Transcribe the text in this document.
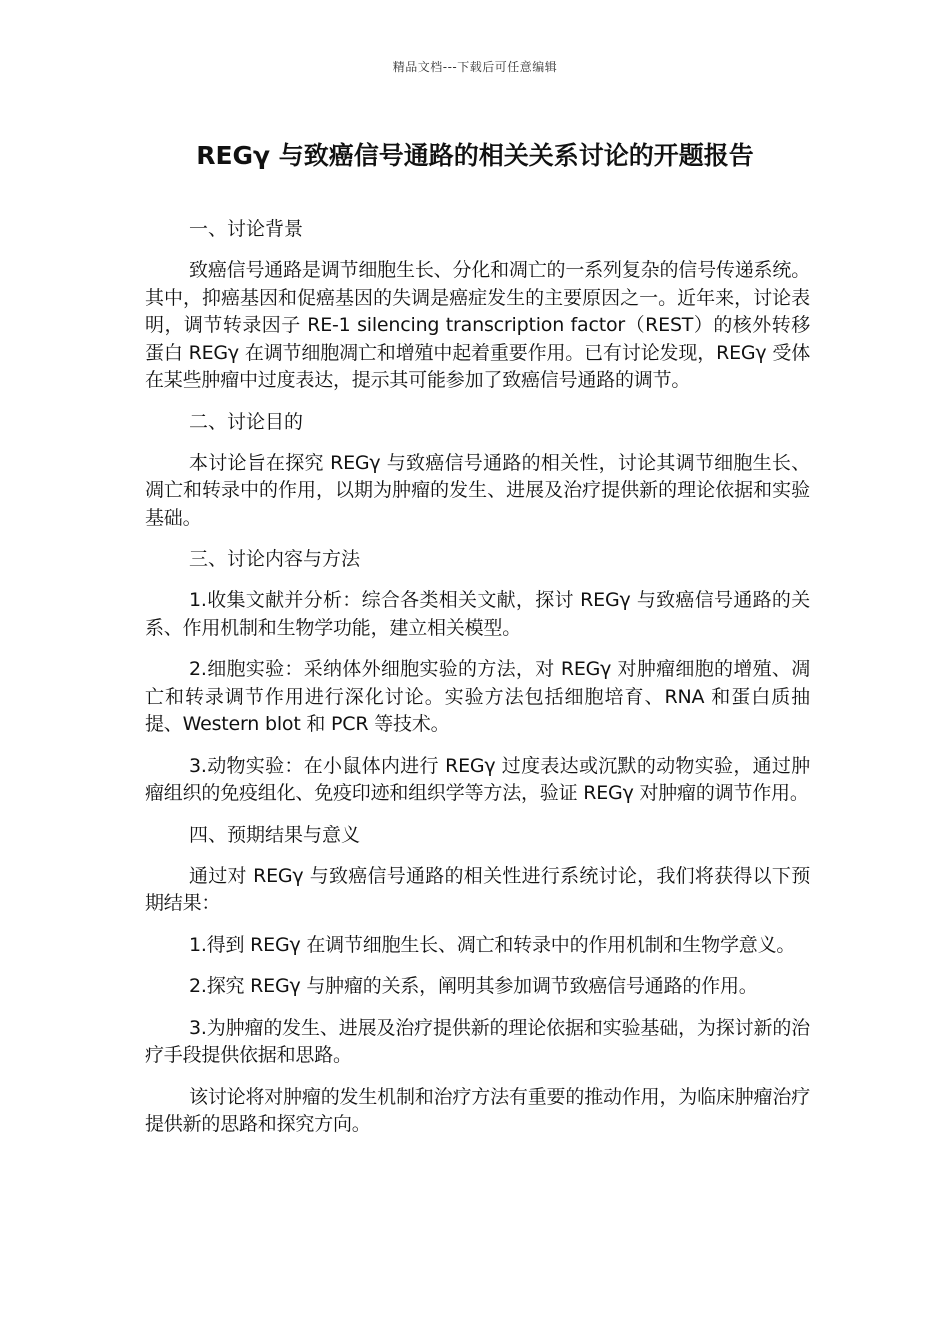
精品文档---下载后可任意编辑
REGγ 与致癌信号通路的相关关系讨论的开题报告

一、讨论背景

致癌信号通路是调节细胞生长、分化和凋亡的一系列复杂的信号传递系统。其中，抑癌基因和促癌基因的失调是癌症发生的主要原因之一。近年来，讨论表明，调节转录因子 RE-1 silencing transcription factor（REST）的核外转移蛋白 REGγ 在调节细胞凋亡和增殖中起着重要作用。已有讨论发现，REGγ 受体在某些肿瘤中过度表达，提示其可能参加了致癌信号通路的调节。

二、讨论目的

本讨论旨在探究 REGγ 与致癌信号通路的相关性，讨论其调节细胞生长、凋亡和转录中的作用，以期为肿瘤的发生、进展及治疗提供新的理论依据和实验基础。

三、讨论内容与方法

1.收集文献并分析：综合各类相关文献，探讨 REGγ 与致癌信号通路的关系、作用机制和生物学功能，建立相关模型。

2.细胞实验：采纳体外细胞实验的方法，对 REGγ 对肿瘤细胞的增殖、凋亡和转录调节作用进行深化讨论。实验方法包括细胞培育、RNA 和蛋白质抽提、Western blot 和 PCR 等技术。

3.动物实验：在小鼠体内进行 REGγ 过度表达或沉默的动物实验，通过肿瘤组织的免疫组化、免疫印迹和组织学等方法，验证 REGγ 对肿瘤的调节作用。

四、预期结果与意义

通过对 REGγ 与致癌信号通路的相关性进行系统讨论，我们将获得以下预期结果：

1.得到 REGγ 在调节细胞生长、凋亡和转录中的作用机制和生物学意义。

2.探究 REGγ 与肿瘤的关系，阐明其参加调节致癌信号通路的作用。

3.为肿瘤的发生、进展及治疗提供新的理论依据和实验基础，为探讨新的治疗手段提供依据和思路。

该讨论将对肿瘤的发生机制和治疗方法有重要的推动作用，为临床肿瘤治疗提供新的思路和探究方向。
